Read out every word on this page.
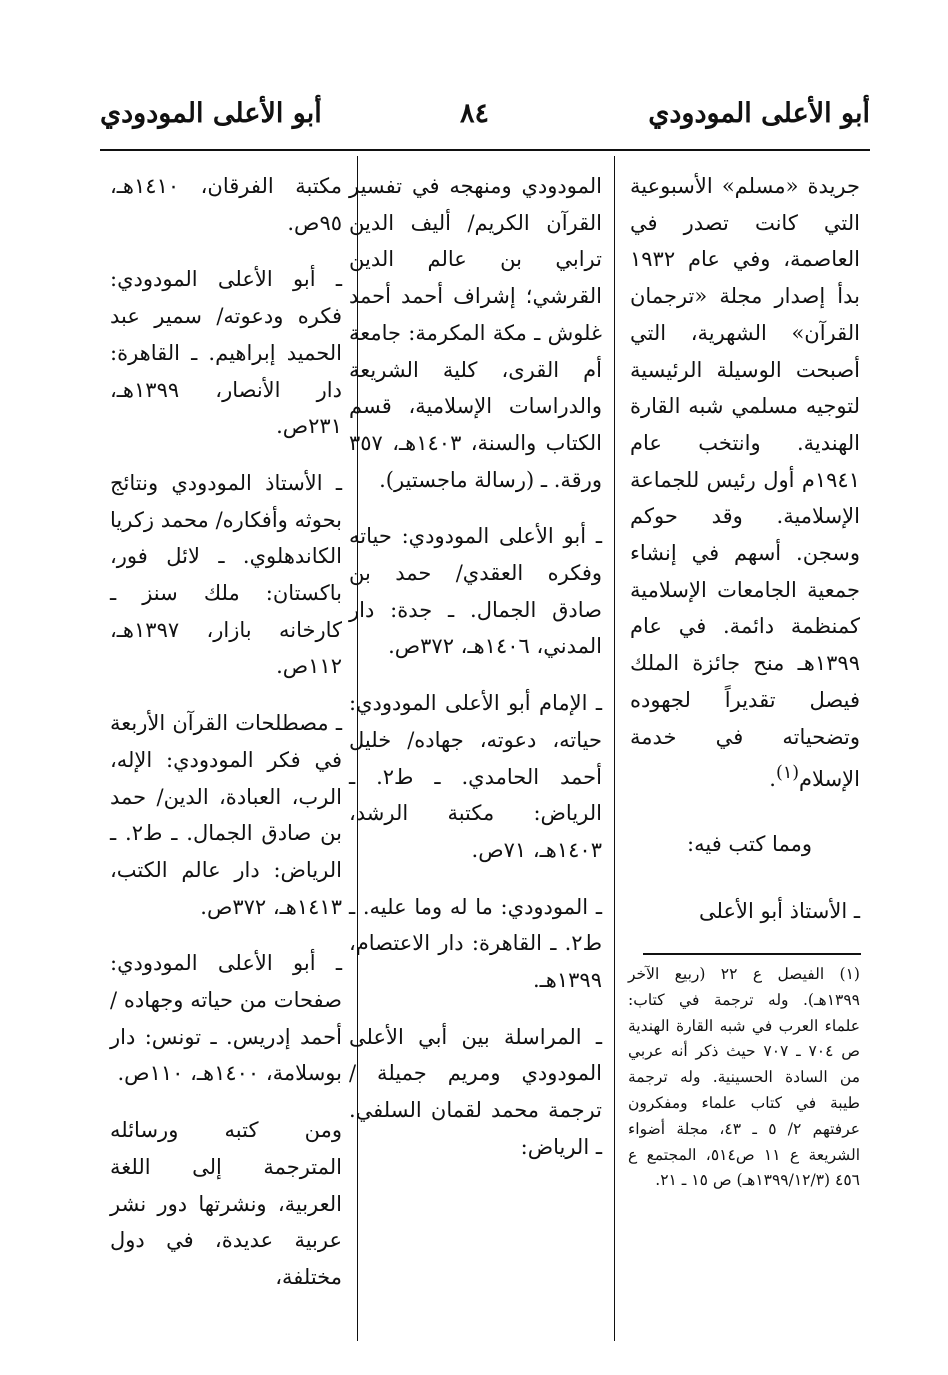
أبو الأعلى المودودي
٨٤
أبو الأعلى المودودي

جريدة «مسلم» الأسبوعية التي كانت تصدر في العاصمة، وفي عام ١٩٣٢ بدأ إصدار مجلة «ترجمان القرآن» الشهرية، التي أصبحت الوسيلة الرئيسية لتوجيه مسلمي شبه القارة الهندية. وانتخب عام ١٩٤١م أول رئيس للجماعة الإسلامية. وقد حوكم وسجن. أسهم في إنشاء جمعية الجامعات الإسلامية كمنظمة دائمة. في عام ١٣٩٩هـ منح جائزة الملك فيصل تقديراً لجهوده وتضحياته في خدمة الإسلام$^{(١)}$.

ومما كتب فيه:

ـ الأستاذ أبو الأعلى

(١) الفيصل ع ٢٢ (ربيع الآخر ١٣٩٩هـ). وله ترجمة في كتاب: علماء العرب في شبه القارة الهندية ص ٧٠٤ ـ ٧٠٧ حيث ذكر أنه عربي من السادة الحسينية. وله ترجمة طيبة في كتاب علماء ومفكرون عرفتهم ٢/ ٥ ـ ٤٣، مجلة أضواء الشريعة ع ١١ ص٥١٤، المجتمع ع ٤٥٦ (١٣٩٩/١٢/٣هـ) ص ١٥ ـ ٢١.

المودودي ومنهجه في تفسير القرآن الكريم/ أليف الدين ترابي بن عالم الدين القرشي؛ إشراف أحمد أحمد غلوش ـ مكة المكرمة: جامعة أم القرى، كلية الشريعة والدراسات الإسلامية، قسم الكتاب والسنة، ١٤٠٣هـ، ٣٥٧ ورقة. ـ (رسالة ماجستير).

ـ أبو الأعلى المودودي: حياته وفكره العقدي/ حمد بن صادق الجمال. ـ جدة: دار المدني، ١٤٠٦هـ، ٣٧٢ص.

ـ الإمام أبو الأعلى المودودي: حياته، دعوته، جهاده/ خليل أحمد الحامدي. ـ ط٢. ـ الرياض: مكتبة الرشد، ١٤٠٣هـ، ٧١ص.

ـ المودودي: ما له وما عليه. ـ ط٢. ـ القاهرة: دار الاعتصام، ١٣٩٩هـ.

ـ المراسلة بين أبي الأعلى المودودي ومريم جميلة / ترجمة محمد لقمان السلفي. ـ الرياض:

مكتبة الفرقان، ١٤١٠هـ، ٩٥ص.

ـ أبو الأعلى المودودي: فكره ودعوته/ سمير عبد الحميد إبراهيم. ـ القاهرة: دار الأنصار، ١٣٩٩هـ، ٢٣١ص.

ـ الأستاذ المودودي ونتائج بحوثه وأفكاره/ محمد زكريا الكاندهلوي. ـ لائل فور، باكستان: ملك سنز ـ كارخانه بازار، ١٣٩٧هـ، ١١٢ص.

ـ مصطلحات القرآن الأربعة في فكر المودودي: الإله، الرب، العبادة، الدين/ حمد بن صادق الجمال. ـ ط٢. ـ الرياض: دار عالم الكتب، ١٤١٣هـ، ٣٧٢ص.

ـ أبو الأعلى المودودي: صفحات من حياته وجهاده / أحمد إدريس. ـ تونس: دار بوسلامة، ١٤٠٠هـ، ١١٠ص.

ومن كتبه ورسائله المترجمة إلى اللغة العربية، ونشرتها دور نشر عربية عديدة، في دول مختلفة،
